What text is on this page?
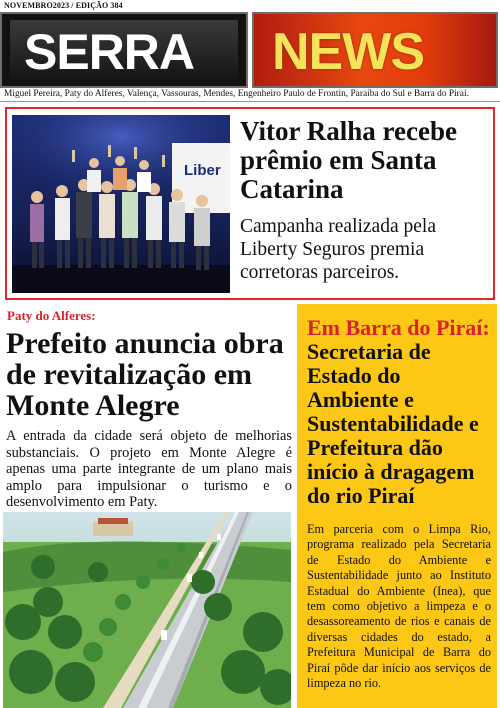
NOVEMBRO2023 / EDIÇÃO 384
SERRA NEWS
Miguel Pereira, Paty do Alferes, Valença, Vassouras, Mendes, Engenheiro Paulo de Frontin, Paraíba do Sul e Barra do Piraí.
Liber
Vitor Ralha recebe prêmio em Santa Catarina
Campanha realizada pela Liberty Seguros premia corretoras parceiros.
Paty do Alferes:
Prefeito anuncia obra de revitalização em Monte Alegre
A entrada da cidade será objeto de melhorias substanciais. O projeto em Monte Alegre é apenas uma parte integrante de um plano mais amplo para impulsionar o turismo e o desenvolvimento em Paty.
Em Barra do Piraí: Secretaria de Estado do Ambiente e Sustentabilidade e Prefeitura dão início à dragagem do rio Piraí
Em parceria com o Limpa Rio, programa realizado pela Secretaria de Estado do Ambiente e Sustentabilidade junto ao Instituto Estadual do Ambiente (Inea), que tem como objetivo a limpeza e o desassoreamento de rios e canais de diversas cidades do estado, a Prefeitura Municipal de Barra do Piraí pôde dar início aos serviços de limpeza no rio.
